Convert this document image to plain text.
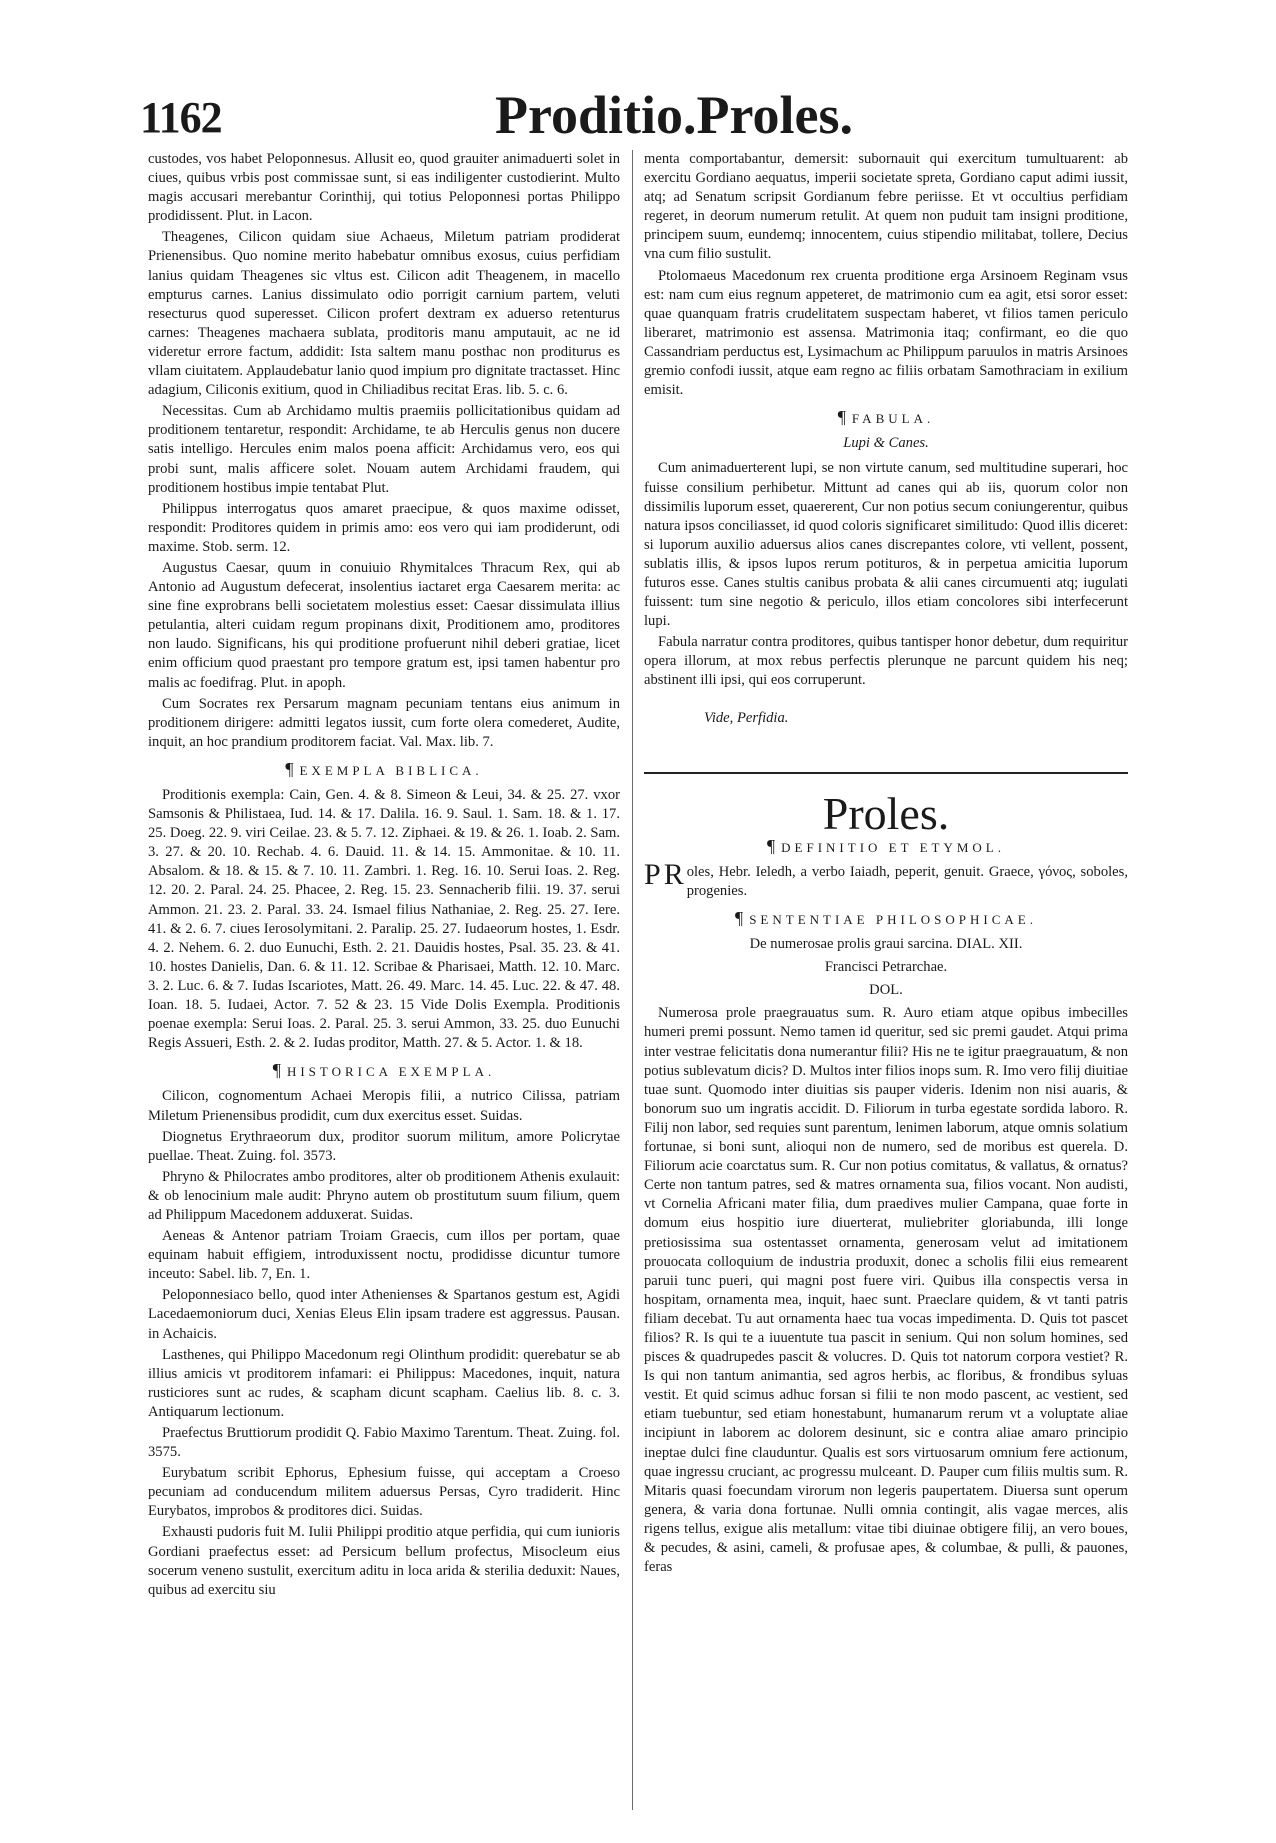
1162	Proditio.Proles.

custodes, vos habet Peloponnesus. Allusit eo, quod grauiter animaduerti solet in ciues, quibus vrbis post commissae sunt, si eas indiligenter custodierint. Multo magis accusari merebantur Corinthij, qui totius Peloponnesi portas Philippo prodidissent. Plut. in Lacon.

Theagenes, Cilicon quidam siue Achaeus, Miletum patriam prodiderat Prienensibus. Quo nomine merito habebatur omnibus exosus, cuius perfidiam lanius quidam Theagenes sic vltus est. Cilicon adit Theagenem, in macello empturus carnes. Lanius dissimulato odio porrigit carnium partem, veluti resecturus quod superesset. Cilicon profert dextram ex aduerso retenturus carnes: Theagenes machaera sublata, proditoris manu amputauit, ac ne id videretur errore factum, addidit: Ista saltem manu posthac non proditurus es vllam ciuitatem. Applaudebatur lanio quod impium pro dignitate tractasset. Hinc adagium, Ciliconis exitium, quod in Chiliadibus recitat Eras. lib. 5. c. 6.

Necessitas. Cum ab Archidamo multis praemiis pollicitationibus quidam ad proditionem tentaretur, respondit: Archidame, te ab Herculis genus non ducere satis intelligo. Hercules enim malos poena afficit: Archidamus vero, eos qui probi sunt, malis afficere solet. Nouam autem Archidami fraudem, qui proditionem hostibus impie tentabat Plut.

Philippus interrogatus quos amaret praecipue, & quos maxime odisset, respondit: Proditores quidem in primis amo: eos vero qui iam prodiderunt, odi maxime. Stob. serm. 12.

Augustus Caesar, quum in conuiuio Rhymitalces Thracum Rex, qui ab Antonio ad Augustum defecerat, insolentius iactaret erga Caesarem merita: ac sine fine exprobrans belli societatem molestius esset: Caesar dissimulata illius petulantia, alteri cuidam regum propinans dixit, Proditionem amo, proditores non laudo. Significans, his qui proditione profuerunt nihil deberi gratiae, licet enim officium quod praestant pro tempore gratum est, ipsi tamen habentur pro malis ac foedifrag. Plut. in apoph.

Cum Socrates rex Persarum magnam pecuniam tentans eius animum in proditionem dirigere: admitti legatos iussit, cum forte olera comederet, Audite, inquit, an hoc prandium proditorem faciat. Val. Max. lib. 7.

¶ EXEMPLA BIBLICA.

Proditionis exempla: Cain, Gen. 4. & 8. Simeon & Leui, 34. & 25. 27. vxor Samsonis & Philistaea, Iud. 14. & 17. Dalila. 16. 9. Saul. 1. Sam. 18. & 1. 17. 25. Doeg. 22. 9. viri Ceilae. 23. & 5. 7. 12. Ziphaei. & 19. & 26. 1. Ioab. 2. Sam. 3. 27. & 20. 10. Rechab. 4. 6. Dauid. 11. & 14. 15. Ammonitae. & 10. 11. Absalom. & 18. & 15. & 7. 10. 11. Zambri. 1. Reg. 16. 10. Serui Ioas. 2. Reg. 12. 20. 2. Paral. 24. 25. Phacee, 2. Reg. 15. 23. Sennacherib filii. 19. 37. serui Ammon. 21. 23. 2. Paral. 33. 24. Ismael filius Nathaniae, 2. Reg. 25. 27. Iere. 41. & 2. 6. 7. ciues Ierosolymitani. 2. Paralip. 25. 27. Iudaeorum hostes, 1. Esdr. 4. 2. Nehem. 6. 2. duo Eunuchi, Esth. 2. 21. Dauidis hostes, Psal. 35. 23. & 41. 10. hostes Danielis, Dan. 6. & 11. 12. Scribae & Pharisaei, Matth. 12. 10. Marc. 3. 2. Luc. 6. & 7. Iudas Iscariotes, Matt. 26. 49. Marc. 14. 45. Luc. 22. & 47. 48. Ioan. 18. 5. Iudaei, Actor. 7. 52 & 23. 15 Vide Dolis Exempla. Proditionis poenae exempla: Serui Ioas. 2. Paral. 25. 3. serui Ammon, 33. 25. duo Eunuchi Regis Assueri, Esth. 2. & 2. Iudas proditor, Matth. 27. & 5. Actor. 1. & 18.

¶ HISTORICA EXEMPLA.

Cilicon, cognomentum Achaei Meropis filii, a nutrico Cilissa, patriam Miletum Prienensibus prodidit, cum dux exercitus esset. Suidas.

Diognetus Erythraeorum dux, proditor suorum militum, amore Policrytae puellae. Theat. Zuing. fol. 3573.

Phryno & Philocrates ambo proditores, alter ob proditionem Athenis exulauit: & ob lenocinium male audit: Phryno autem ob prostitutum suum filium, quem ad Philippum Macedonem adduxerat. Suidas.

Aeneas & Antenor patriam Troiam Graecis, cum illos per portam, quae equinam habuit effigiem, introduxissent noctu, prodidisse dicuntur tumore inceuto: Sabel. lib. 7, En. 1.

Peloponnesiaco bello, quod inter Athenienses & Spartanos gestum est, Agidi Lacedaemoniorum duci, Xenias Eleus Elin ipsam tradere est aggressus. Pausan. in Achaicis.

Lasthenes, qui Philippo Macedonum regi Olinthum prodidit: querebatur se ab illius amicis vt proditorem infamari: ei Philippus: Macedones, inquit, natura rusticiores sunt ac rudes, & scapham dicunt scapham. Caelius lib. 8. c. 3. Antiquarum lectionum.

Praefectus Bruttiorum prodidit Q. Fabio Maximo Tarentum. Theat. Zuing. fol. 3575.

Eurybatum scribit Ephorus, Ephesium fuisse, qui acceptam a Croeso pecuniam ad conducendum militem aduersus Persas, Cyro tradiderit. Hinc Eurybatos, improbos & proditores dici. Suidas.

Exhausti pudoris fuit M. Iulii Philippi proditio atque perfidia, qui cum iunioris Gordiani praefectus esset: ad Persicum bellum profectus, Misocleum eius socerum veneno sustulit, exercitum aditu in loca arida & sterilia deduxit: Naues, quibus ad exercitu siu

menta comportabantur, demersit: subornauit qui exercitum tumultuarent: ab exercitu Gordiano aequatus, imperii societate spreta, Gordiano caput adimi iussit, atq; ad Senatum scripsit Gordianum febre periisse. Et vt occultius perfidiam regeret, in deorum numerum retulit. At quem non puduit tam insigni proditione, principem suum, eundemq; innocentem, cuius stipendio militabat, tollere, Decius vna cum filio sustulit.

Ptolomaeus Macedonum rex cruenta proditione erga Arsinoem Reginam vsus est: nam cum eius regnum appeteret, de matrimonio cum ea agit, etsi soror esset: quae quanquam fratris crudelitatem suspectam haberet, vt filios tamen periculo liberaret, matrimonio est assensa. Matrimonia itaq; confirmant, eo die quo Cassandriam perductus est, Lysimachum ac Philippum paruulos in matris Arsinoes gremio confodi iussit, atque eam regno ac filiis orbatam Samothraciam in exilium emisit.

¶ FABULA.
Lupi & Canes.

Cum animaduerterent lupi, se non virtute canum, sed multitudine superari, hoc fuisse consilium perhibetur. Mittunt ad canes qui ab iis, quorum color non dissimilis luporum esset, quaererent, Cur non potius secum coniungerentur, quibus natura ipsos conciliasset, id quod coloris significaret similitudo: Quod illis diceret: si luporum auxilio aduersus alios canes discrepantes colore, vti vellent, possent, sublatis illis, & ipsos lupos rerum potituros, & in perpetua amicitia luporum futuros esse. Canes stultis canibus probata & alii canes circumuenti atq; iugulati fuissent: tum sine negotio & periculo, illos etiam concolores sibi interfecerunt lupi.

Fabula narratur contra proditores, quibus tantisper honor debetur, dum requiritur opera illorum, at mox rebus perfectis plerunque ne parcunt quidem his neq; abstinent illi ipsi, qui eos corruperunt.

Vide, Perfidia.
Proles.
¶ DEFINITIO ET ETYMOL.

P Roles, Hebr. Ieledh, a verbo Iaiadh, peperit, genuit. Graece, γόνος, soboles, progenies.

¶ SENTENTIAE PHILOSOPHICAE.
De numerosae prolis graui sarcina. DIAL. XII.
Francisci Petrarchae.
DOL.

Numerosa prole praegrauatus sum. R. Auro etiam atque opibus imbecilles humeri premi possunt. Nemo tamen id queritur, sed sic premi gaudet. Atqui prima inter vestrae felicitatis dona numerantur filii? His ne te igitur praegrauatum, & non potius sublevatum dicis? D. Multos inter filios inops sum. R. Imo vero filij diuitiae tuae sunt. Quomodo inter diuitias sis pauper videris. Idenim non nisi auaris, & bonorum suo um ingratis accidit. D. Filiorum in turba egestate sordida laboro. R. Filij non labor, sed requies sunt parentum, lenimen laborum, atque omnis solatium fortunae, si boni sunt, alioqui non de numero, sed de moribus est querela. D. Filiorum acie coarctatus sum. R. Cur non potius comitatus, & vallatus, & ornatus? Certe non tantum patres, sed & matres ornamenta sua, filios vocant. Non audisti, vt Cornelia Africani mater filia, dum praedives mulier Campana, quae forte in domum eius hospitio iure diuerterat, muliebriter gloriabunda, illi longe pretiosissima sua ostentasset ornamenta, generosam velut ad imitationem prouocata colloquium de industria produxit, donec a scholis filii eius remearent paruii tunc pueri, qui magni post fuere viri. Quibus illa conspectis versa in hospitam, ornamenta mea, inquit, haec sunt. Praeclare quidem, & vt tanti patris filiam decebat. Tu aut ornamenta haec tua vocas impedimenta. D. Quis tot pascet filios? R. Is qui te a iuuentute tua pascit in senium. Qui non solum homines, sed pisces & quadrupedes pascit & volucres. D. Quis tot natorum corpora vestiet? R. Is qui non tantum animantia, sed agros herbis, ac floribus, & frondibus syluas vestit. Et quid scimus adhuc forsan si filii te non modo pascent, ac vestient, sed etiam tuebuntur, sed etiam honestabunt, humanarum rerum vt a voluptate aliae incipiunt in laborem ac dolorem desinunt, sic e contra aliae amaro principio ineptae dulci fine clauduntur. Qualis est sors virtuosarum omnium fere actionum, quae ingressu cruciant, ac progressu mulceant. D. Pauper cum filiis multis sum. R. Mitaris quasi foecundam virorum non legeris paupertatem. Diuersa sunt operum genera, & varia dona fortunae. Nulli omnia contingit, alis vagae merces, alis rigens tellus, exigue alis metallum: vitae tibi diuinae obtigere filij, an vero boues, & pecudes, & asini, cameli, & profusae apes, & columbae, & pulli, & pauones, feras
